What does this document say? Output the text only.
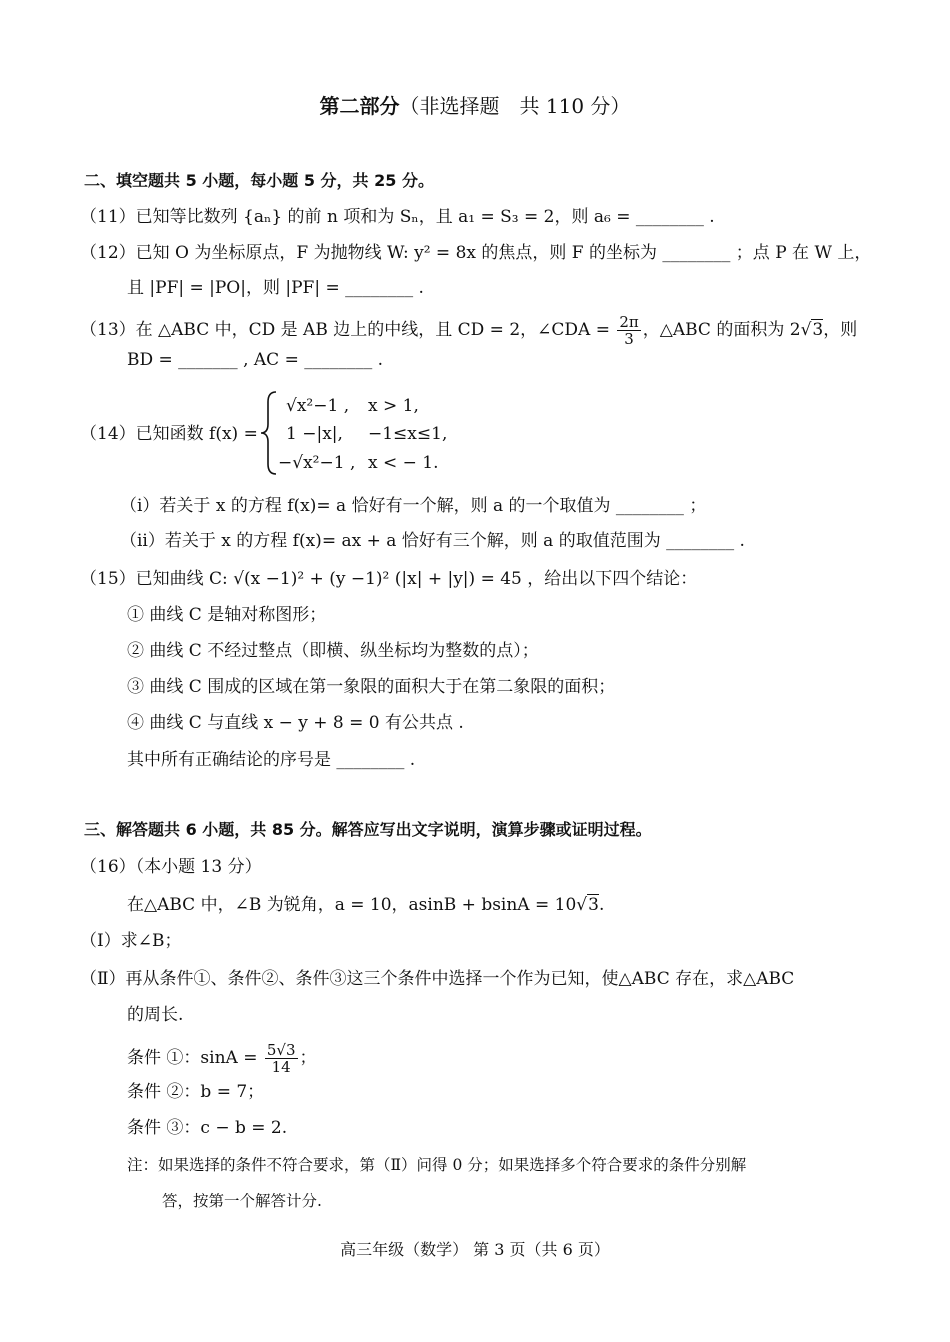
第二部分（非选择题　共 110 分）
二、填空题共 5 小题，每小题 5 分，共 25 分。
（11）已知等比数列 {aₙ} 的前 n 项和为 Sₙ，且 a₁ = S₃ = 2，则 a₆ = ________ .
（12）已知 O 为坐标原点，F 为抛物线 W: y² = 8x 的焦点，则 F 的坐标为 ________ ；点 P 在 W 上，
且 |PF| = |PO|，则 |PF| = ________ .
（13）在 △ABC 中，CD 是 AB 边上的中线，且 CD = 2，∠CDA = $\frac{2\pi}{3}$ ，△ABC 的面积为 2√3，则
BD = _______ , AC = ________ .
（14）已知函数 f(x) =
√x²−1 , x > 1,
1 −|x|, −1≤x≤1,
−√x²−1 , x < − 1.
（i）若关于 x 的方程 f(x)= a 恰好有一个解，则 a 的一个取值为 ________ ；
（ii）若关于 x 的方程 f(x)= ax + a 恰好有三个解，则 a 的取值范围为 ________ .
（15）已知曲线 C: √(x −1)² + (y −1)² (|x| + |y|) = 45 ，给出以下四个结论：
① 曲线 C 是轴对称图形；
② 曲线 C 不经过整点（即横、纵坐标均为整数的点）；
③ 曲线 C 围成的区域在第一象限的面积大于在第二象限的面积；
④ 曲线 C 与直线 x − y + 8 = 0 有公共点 .
其中所有正确结论的序号是 ________ .
三、解答题共 6 小题，共 85 分。解答应写出文字说明，演算步骤或证明过程。
（16）（本小题 13 分）
在△ABC 中，∠B 为锐角，a = 10，asinB + bsinA = 10√3.
（Ⅰ）求∠B；
（Ⅱ）再从条件①、条件②、条件③这三个条件中选择一个作为已知，使△ABC 存在，求△ABC
的周长.
条件 ①：$\sin A = \frac{5√3}{14}$ ；
条件 ②：b = 7；
条件 ③：c − b = 2.
注：如果选择的条件不符合要求，第（Ⅱ）问得 0 分；如果选择多个符合要求的条件分别解
答，按第一个解答计分.
高三年级（数学） 第 3 页（共 6 页）
